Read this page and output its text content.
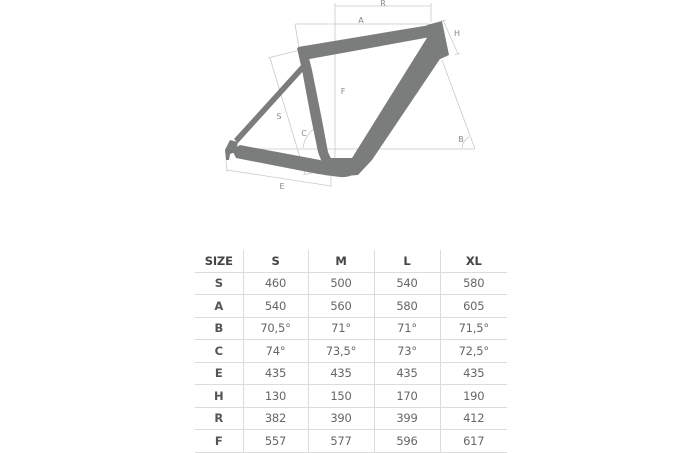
R
A
H
F
S
C
B
E
SIZE	S	M	L	XL
S	460	500	540	580
A	540	560	580	605
B	70,5°	71°	71°	71,5°
C	74°	73,5°	73°	72,5°
E	435	435	435	435
H	130	150	170	190
R	382	390	399	412
F	557	577	596	617
